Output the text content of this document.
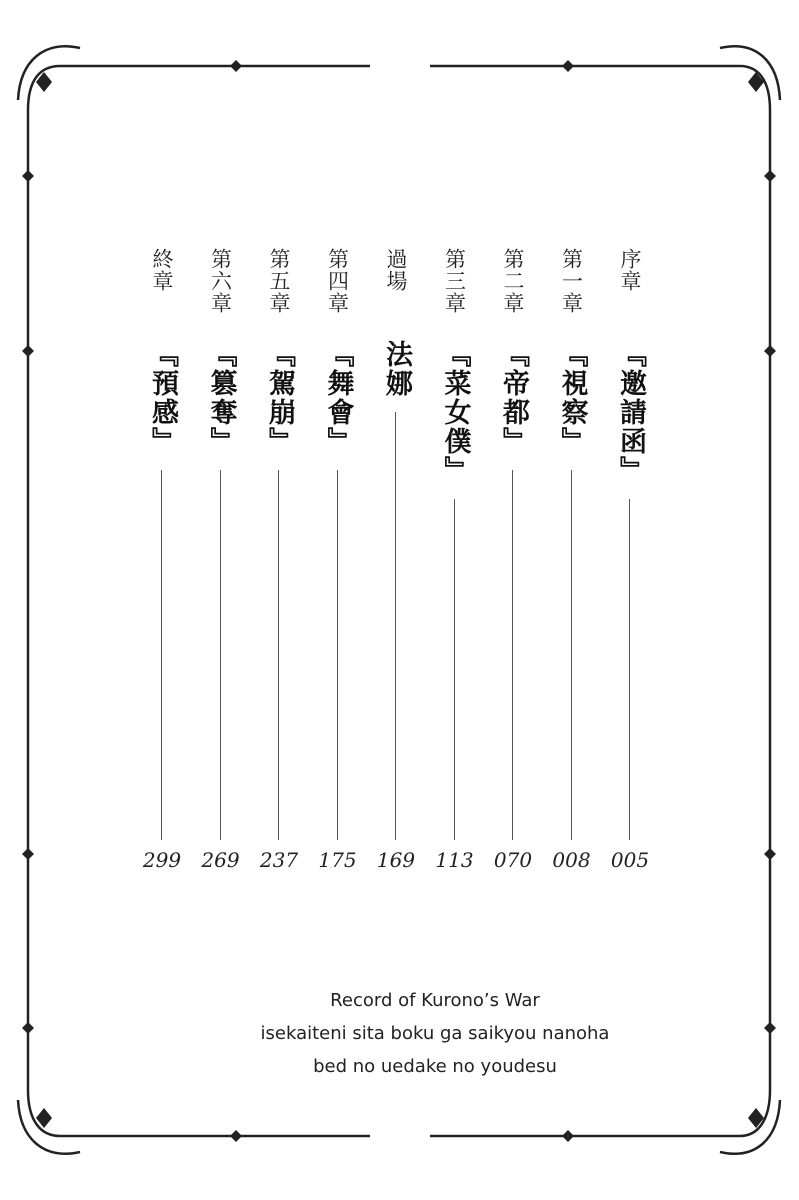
序章
『邀請函』
005
第一章
『視察』
008
第二章
『帝都』
070
第三章
『菜女僕』
113
過場
法娜
169
第四章
『舞會』
175
第五章
『駕崩』
237
第六章
『篡奪』
269
終章
『預感』
299
Record of Kurono’s War
isekaiteni sita boku ga saikyou nanoha
bed no uedake no youdesu
